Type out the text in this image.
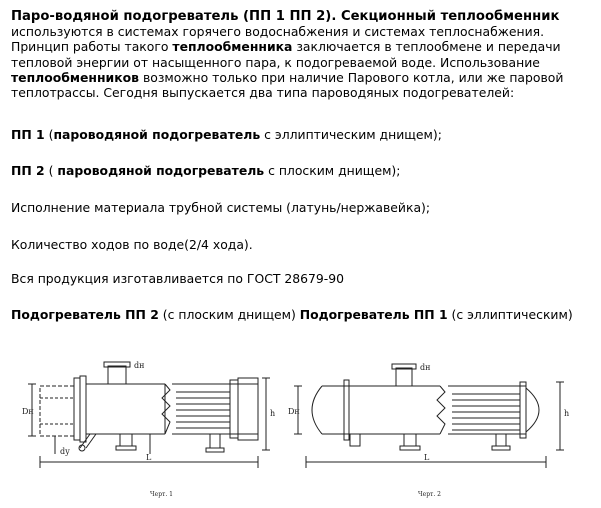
Паро-водяной подогреватель (ПП 1 ПП 2). Секционный теплообменник используются в системах горячего водоснабжения и системах теплоснабжения. Принцип работы такого теплообменника заключается в теплообмене и передачи тепловой энергии от насыщенного пара, к подогреваемой воде. Использование теплообменников возможно только при наличие Парового котла, или же паровой теплотрассы. Сегодня выпускается два типа пароводяных подогревателей:
ПП 1 (пароводяной подогреватель с эллиптическим днищем);
ПП 2 ( пароводяной подогреватель с плоским днищем);
Исполнение материала трубной системы (латунь/нержавейка);
Количество ходов по воде(2/4 хода).
Вся продукция изготавливается по ГОСТ 28679-90
Подогреватель ПП 2 (с плоским днищем) Подогреватель ПП 1 (с эллиптическим)
dн
Dн	h
L
dу
Черт. 1
dн
Dн	h
L
Черт. 2
